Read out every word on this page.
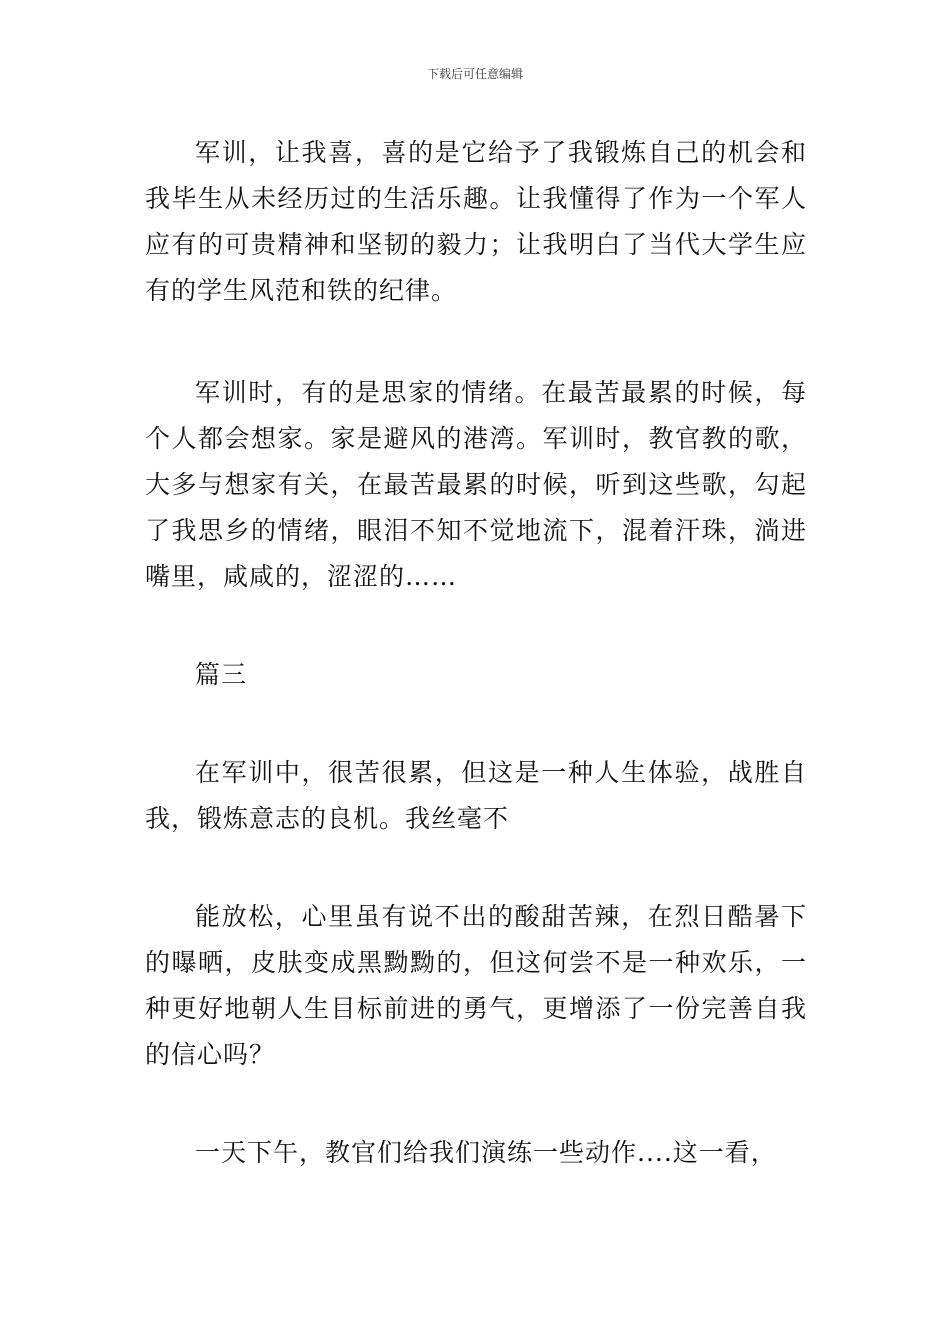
下载后可任意编辑

军训，让我喜，喜的是它给予了我锻炼自己的机会和我毕生从未经历过的生活乐趣。让我懂得了作为一个军人应有的可贵精神和坚韧的毅力；让我明白了当代大学生应有的学生风范和铁的纪律。

军训时，有的是思家的情绪。在最苦最累的时候，每个人都会想家。家是避风的港湾。军训时，教官教的歌，大多与想家有关，在最苦最累的时候，听到这些歌，勾起了我思乡的情绪，眼泪不知不觉地流下，混着汗珠，淌进嘴里，咸咸的，涩涩的……

篇三

在军训中，很苦很累，但这是一种人生体验，战胜自我，锻炼意志的良机。我丝毫不

能放松，心里虽有说不出的酸甜苦辣，在烈日酷暑下的曝晒，皮肤变成黑黝黝的，但这何尝不是一种欢乐，一种更好地朝人生目标前进的勇气，更增添了一份完善自我的信心吗？

一天下午，教官们给我们演练一些动作....这一看，
